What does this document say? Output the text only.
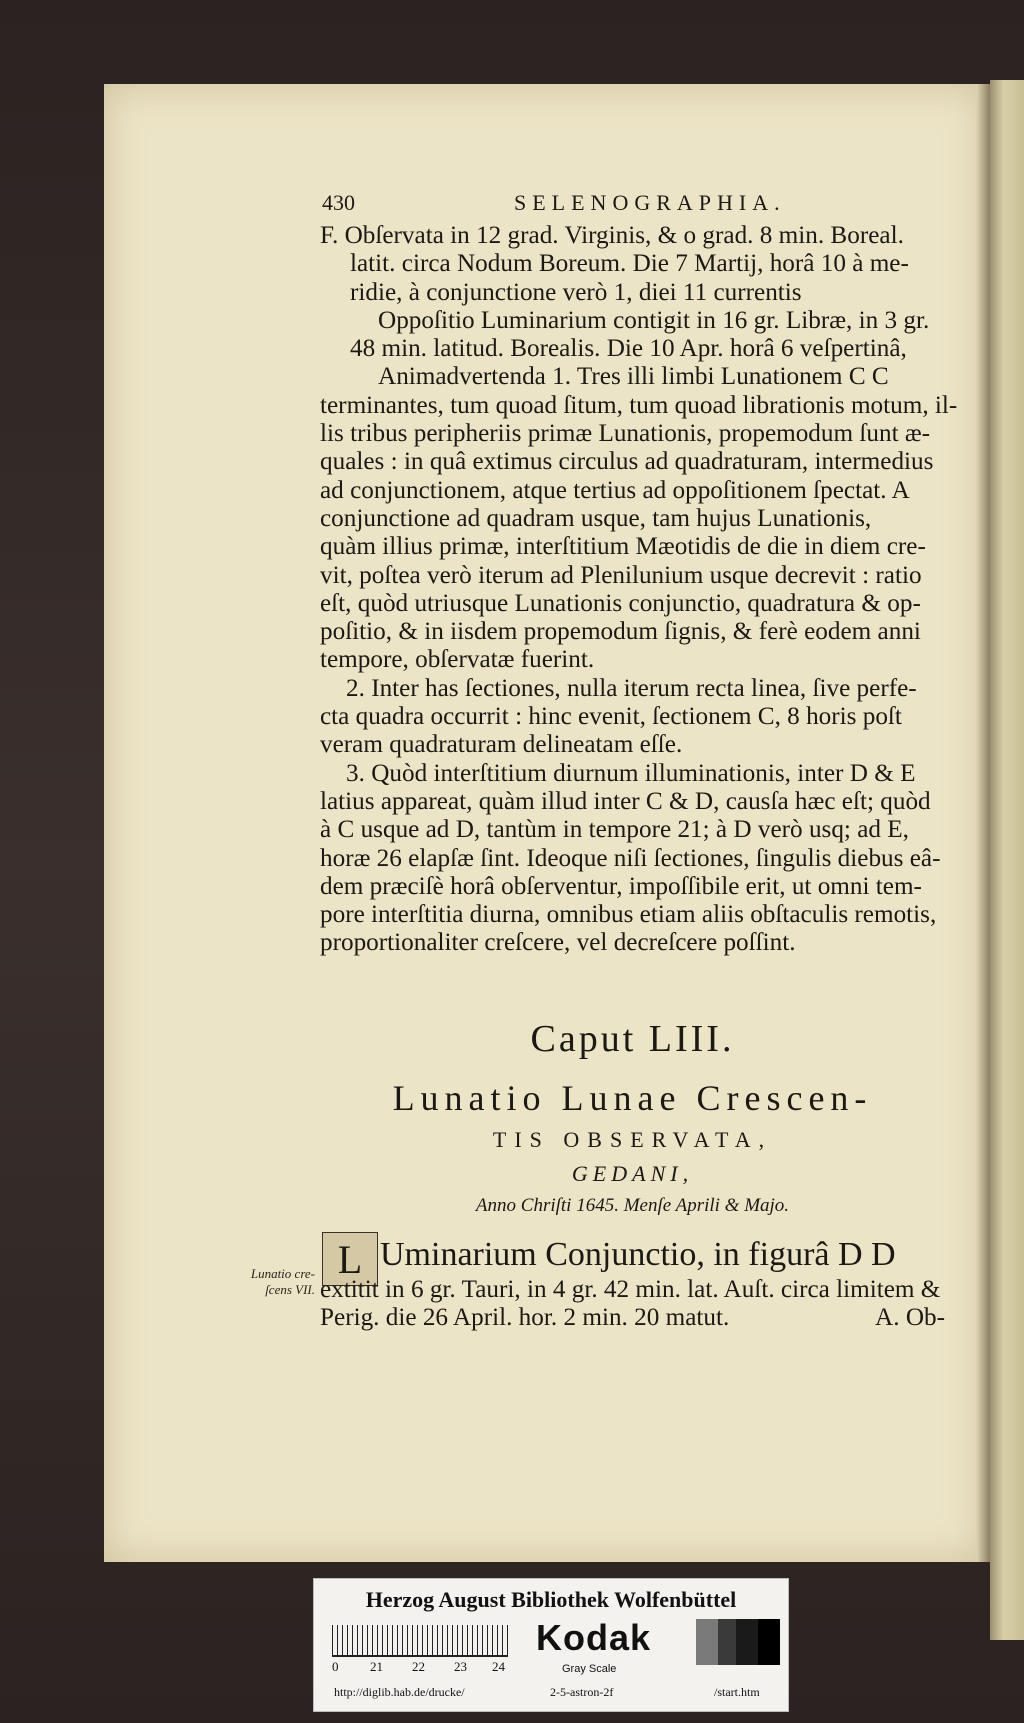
430	SELENOGRAPHIA.

F. Obſervata in 12 grad. Virginis, & o grad. 8 min. Boreal.
latit. circa Nodum Boreum. Die 7 Martij, horâ 10 à me-
ridie, à conjunctione verò 1, diei 11 currentis

Oppoſitio Luminarium contigit in 16 gr. Libræ, in 3 gr.
48 min. latitud. Borealis. Die 10 Apr. horâ 6 veſpertinâ,

Animadvertenda 1. Tres illi limbi Lunationem C C
terminantes, tum quoad ſitum, tum quoad librationis motum, il-
lis tribus peripheriis primæ Lunationis, propemodum ſunt æ-
quales : in quâ extimus circulus ad quadraturam, intermedius
ad conjunctionem, atque tertius ad oppoſitionem ſpectat. A
conjunctione ad quadram usque, tam hujus Lunationis,
quàm illius primæ, interſtitium Mæotidis de die in diem cre-
vit, poſtea verò iterum ad Plenilunium usque decrevit : ratio
eſt, quòd utriusque Lunationis conjunctio, quadratura & op-
poſitio, & in iisdem propemodum ſignis, & ferè eodem anni
tempore, obſervatæ fuerint.

2. Inter has ſectiones, nulla iterum recta linea, ſive perfe-
cta quadra occurrit : hinc evenit, ſectionem C, 8 horis poſt
veram quadraturam delineatam eſſe.

3. Quòd interſtitium diurnum illuminationis, inter D & E
latius appareat, quàm illud inter C & D, causſa hæc eſt; quòd
à C usque ad D, tantùm in tempore 21; à D verò usq; ad E,
horæ 26 elapſæ ſint. Ideoque niſi ſectiones, ſingulis diebus eâ-
dem præciſè horâ obſerventur, impoſſibile erit, ut omni tem-
pore interſtitia diurna, omnibus etiam aliis obſtaculis remotis,
proportionaliter creſcere, vel decreſcere poſſint.

Caput LIII.
Lunatio Lunae Crescen-
TIS OBSERVATA,
GEDANI,
Anno Chriſti 1645. Menſe Aprili & Majo.
Lunatio cre-ſcens VII.
L Uminarium Conjunctio, in figurâ D D
extitit in 6 gr. Tauri, in 4 gr. 42 min. lat. Auſt. circa limitem &
Perig. die 26 April. hor. 2 min. 20 matut.	A. Ob-
Herzog August Bibliothek Wolfenbüttel
0 21 22 23 24
Kodak
Gray Scale
http://diglib.hab.de/drucke/	2-5-astron-2f	/start.htm
